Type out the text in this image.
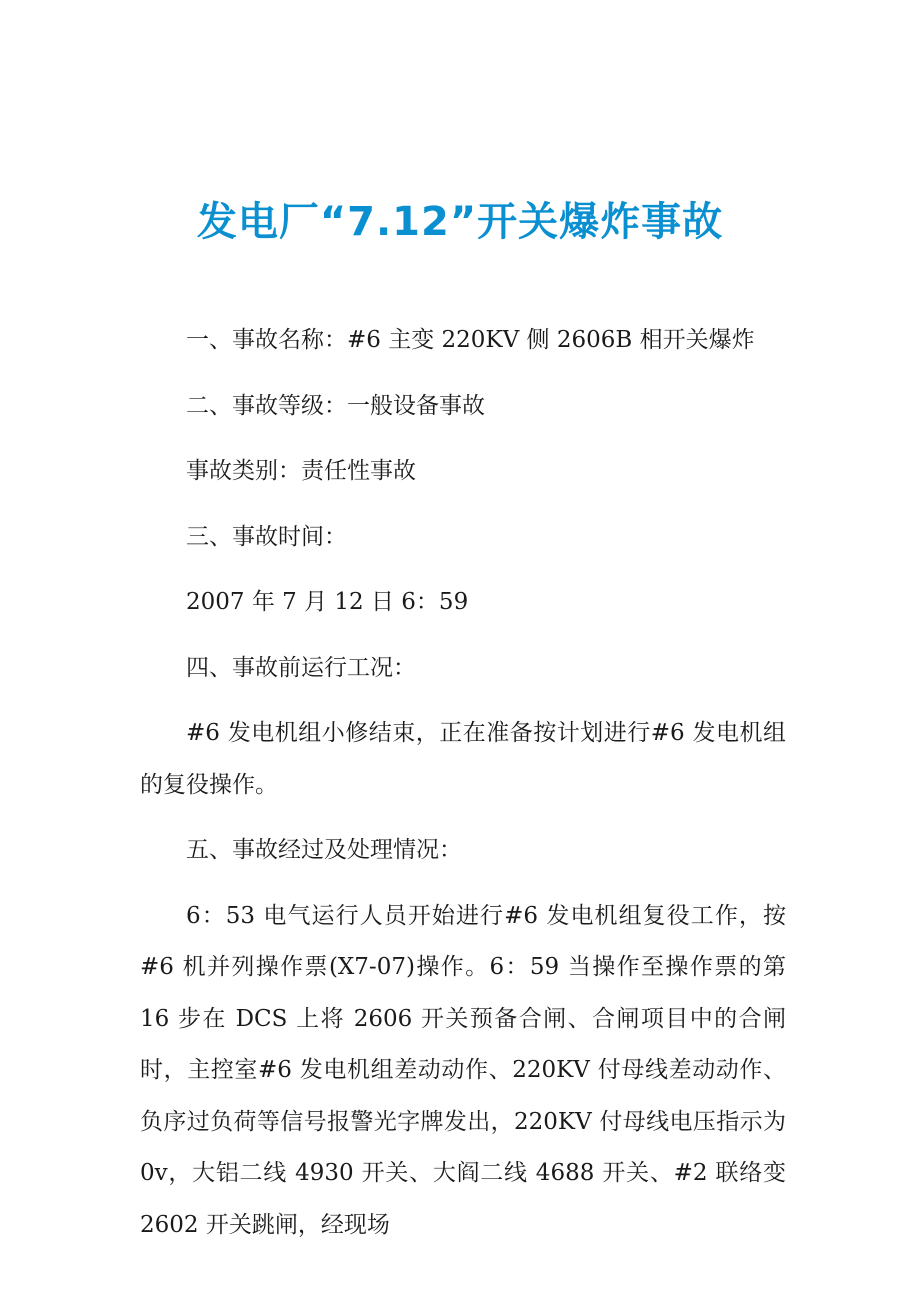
发电厂“7.12”开关爆炸事故

一、事故名称：#6 主变 220KV 侧 2606B 相开关爆炸

二、事故等级：一般设备事故

事故类别：责任性事故

三、事故时间：

2007 年 7 月 12 日 6：59

四、事故前运行工况：

#6 发电机组小修结束，正在准备按计划进行#6 发电机组的复役操作。

五、事故经过及处理情况：

6：53 电气运行人员开始进行#6 发电机组复役工作，按#6 机并列操作票(X7-07)操作。6：59 当操作至操作票的第 16 步在 DCS 上将 2606 开关预备合闸、合闸项目中的合闸时，主控室#6 发电机组差动动作、220KV 付母线差动动作、负序过负荷等信号报警光字牌发出，220KV 付母线电压指示为 0v，大铝二线 4930 开关、大阎二线 4688 开关、#2 联络变 2602 开关跳闸，经现场
